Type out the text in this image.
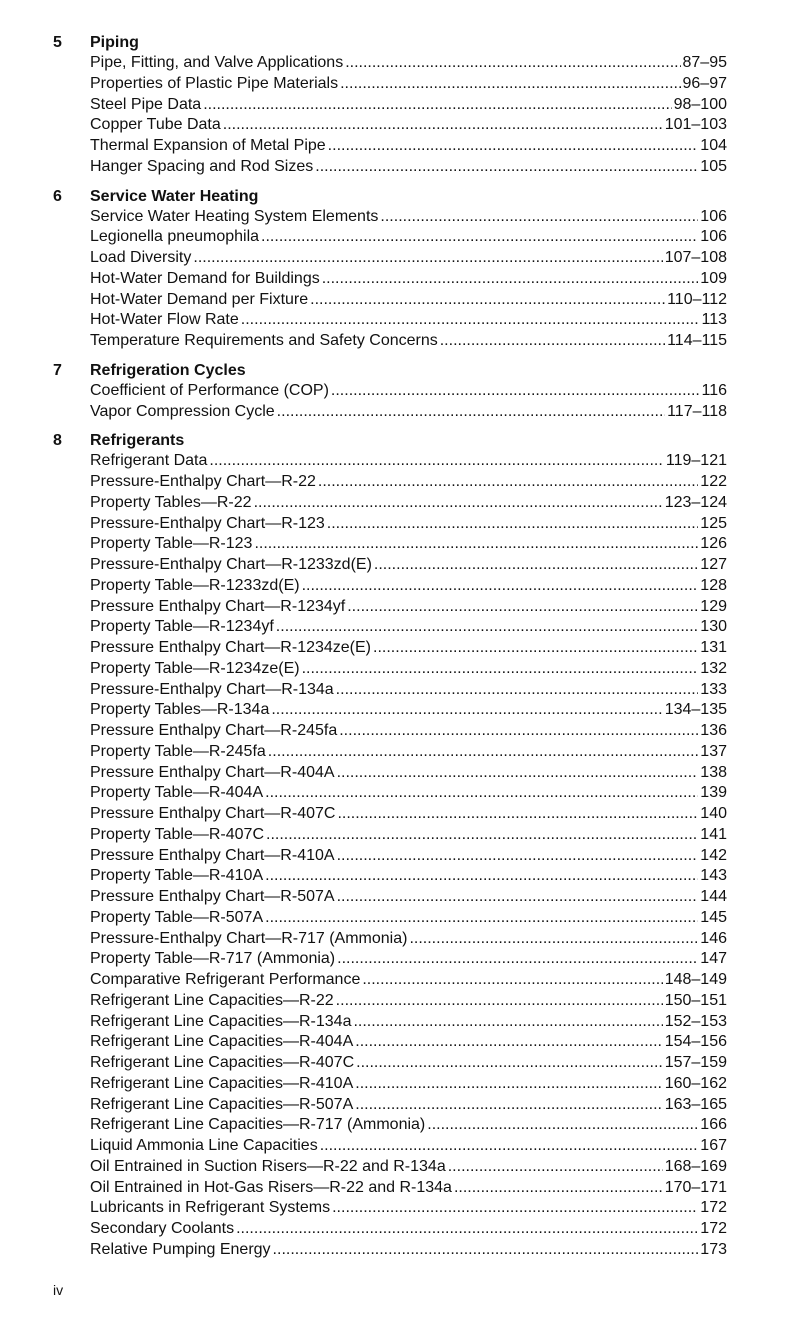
5	Piping
Pipe, Fitting, and Valve Applications .....	87–95
Properties of Plastic Pipe Materials .....	96–97
Steel Pipe Data .....	98–100
Copper Tube Data .....	101–103
Thermal Expansion of Metal Pipe .....	104
Hanger Spacing and Rod Sizes .....	105
6	Service Water Heating
Service Water Heating System Elements .....	106
Legionella pneumophila .....	106
Load Diversity .....	107–108
Hot-Water Demand for Buildings .....	109
Hot-Water Demand per Fixture .....	110–112
Hot-Water Flow Rate .....	113
Temperature Requirements and Safety Concerns .....	114–115
7	Refrigeration Cycles
Coefficient of Performance (COP) .....	116
Vapor Compression Cycle .....	117–118
8	Refrigerants
Refrigerant Data .....	119–121
Pressure-Enthalpy Chart—R-22 .....	122
Property Tables—R-22 .....	123–124
Pressure-Enthalpy Chart—R-123 .....	125
Property Table—R-123 .....	126
Pressure-Enthalpy Chart—R-1233zd(E) .....	127
Property Table—R-1233zd(E) .....	128
Pressure Enthalpy Chart—R-1234yf .....	129
Property Table—R-1234yf .....	130
Pressure Enthalpy Chart—R-1234ze(E) .....	131
Property Table—R-1234ze(E) .....	132
Pressure-Enthalpy Chart—R-134a .....	133
Property Tables—R-134a .....	134–135
Pressure Enthalpy Chart—R-245fa .....	136
Property Table—R-245fa .....	137
Pressure Enthalpy Chart—R-404A .....	138
Property Table—R-404A .....	139
Pressure Enthalpy Chart—R-407C .....	140
Property Table—R-407C .....	141
Pressure Enthalpy Chart—R-410A .....	142
Property Table—R-410A .....	143
Pressure Enthalpy Chart—R-507A .....	144
Property Table—R-507A .....	145
Pressure-Enthalpy Chart—R-717 (Ammonia) .....	146
Property Table—R-717 (Ammonia) .....	147
Comparative Refrigerant Performance .....	148–149
Refrigerant Line Capacities—R-22 .....	150–151
Refrigerant Line Capacities—R-134a .....	152–153
Refrigerant Line Capacities—R-404A .....	154–156
Refrigerant Line Capacities—R-407C .....	157–159
Refrigerant Line Capacities—R-410A .....	160–162
Refrigerant Line Capacities—R-507A .....	163–165
Refrigerant Line Capacities—R-717 (Ammonia) .....	166
Liquid Ammonia Line Capacities .....	167
Oil Entrained in Suction Risers—R-22 and R-134a .....	168–169
Oil Entrained in Hot-Gas Risers—R-22 and R-134a .....	170–171
Lubricants in Refrigerant Systems .....	172
Secondary Coolants .....	172
Relative Pumping Energy .....	173
iv
